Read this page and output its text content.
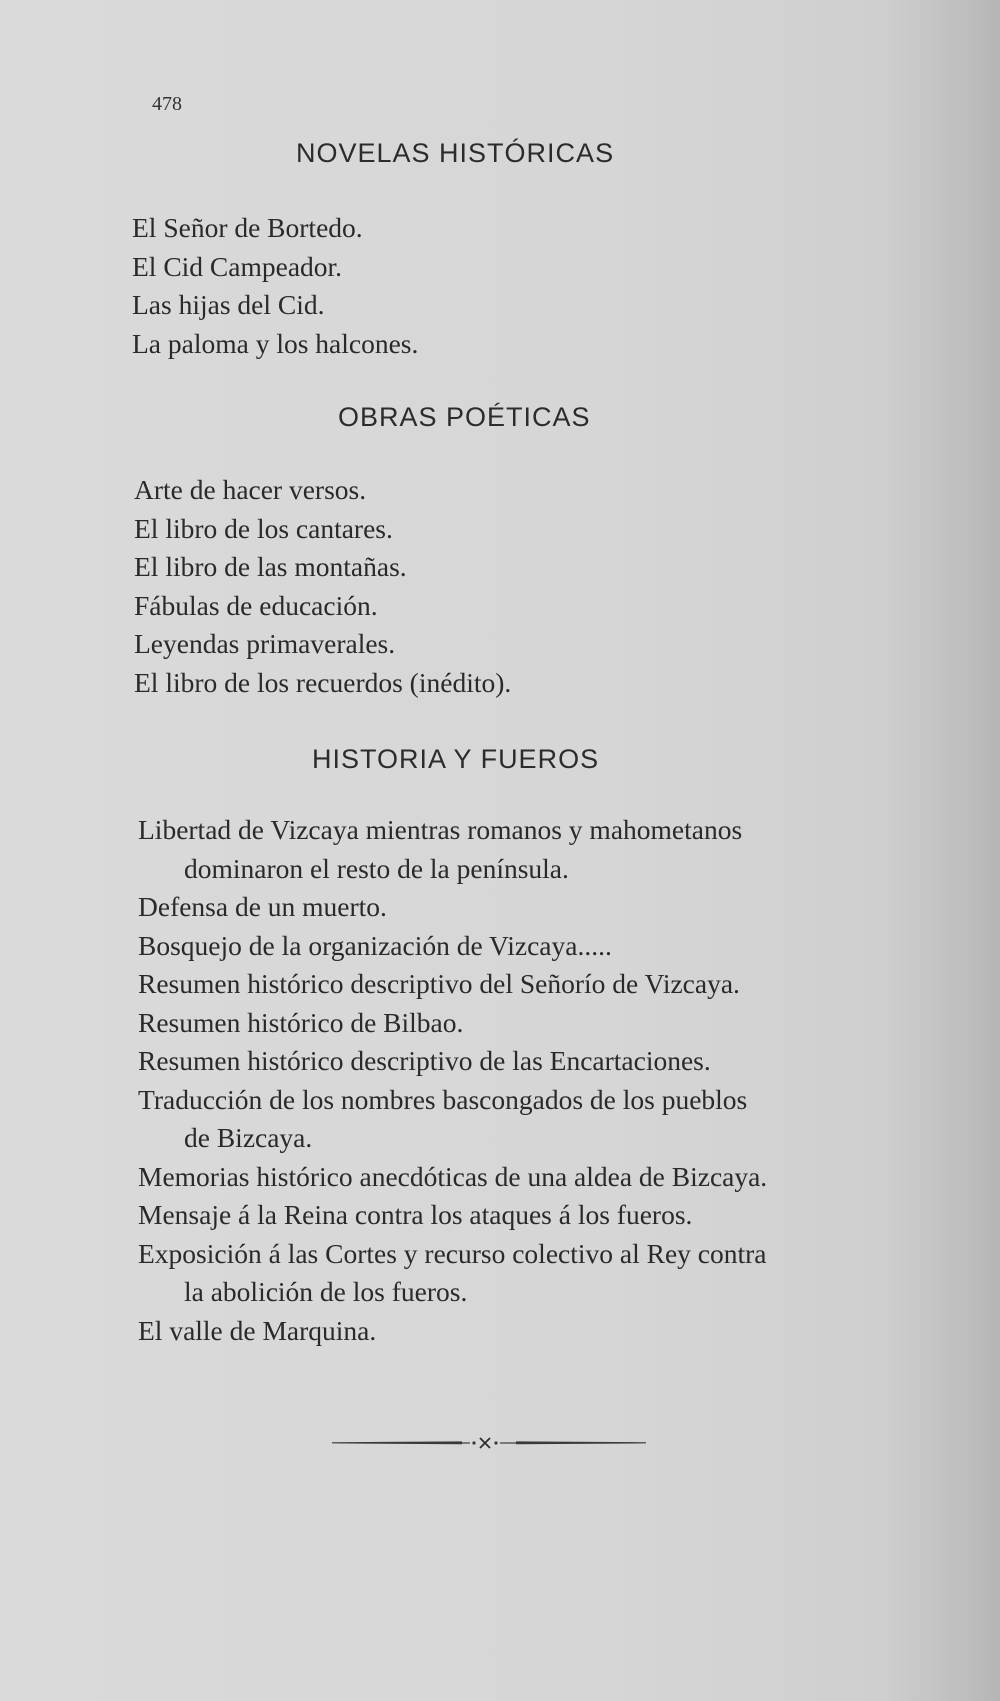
478
NOVELAS HISTÓRICAS
El Señor de Bortedo.
El Cid Campeador.
Las hijas del Cid.
La paloma y los halcones.
OBRAS POÉTICAS
Arte de hacer versos.
El libro de los cantares.
El libro de las montañas.
Fábulas de educación.
Leyendas primaverales.
El libro de los recuerdos (inédito).
HISTORIA Y FUEROS
Libertad de Vizcaya mientras romanos y mahometanos
dominaron el resto de la península.
Defensa de un muerto.
Bosquejo de la organización de Vizcaya.....
Resumen histórico descriptivo del Señorío de Vizcaya.
Resumen histórico de Bilbao.
Resumen histórico descriptivo de las Encartaciones.
Traducción de los nombres bascongados de los pueblos
de Bizcaya.
Memorias histórico anecdóticas de una aldea de Bizcaya.
Mensaje á la Reina contra los ataques á los fueros.
Exposición á las Cortes y recurso colectivo al Rey contra
la abolición de los fueros.
El valle de Marquina.
